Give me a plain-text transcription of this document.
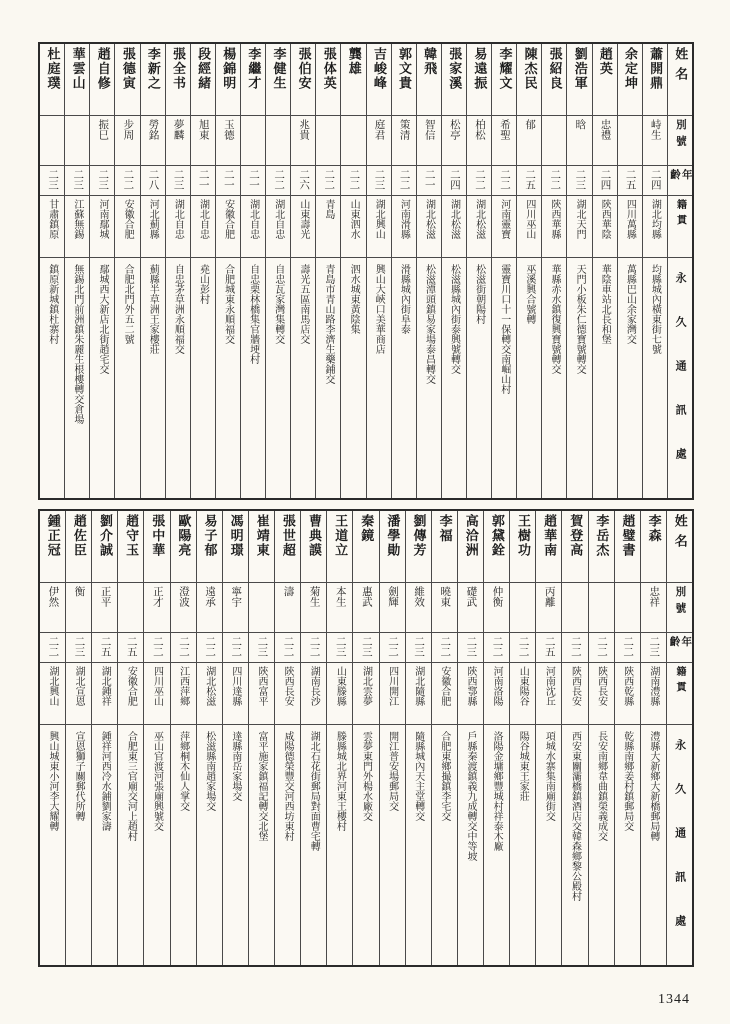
姓名
別號
年齡
籍貫
永久通訊處
蕭開鼎
峙生
二四
湖北均縣
均縣城內橫東街七號
余定坤
二五
四川萬縣
萬縣巴山余家灣交
趙英
忠禮
二四
陝西華陰
華陰車站北長和堡
劉浩軍
晗
二三
湖北天門
天門小板朱仁德寶號轉交
張紹良
二二
陝西華縣
華縣赤水鎮復興寶號轉交
陳杰民
郁
二五
四川巫山
巫溪興合號轉
李耀文
希聖
二二
河南靈寶
靈寶川口十一保轉交南崛山村
易遠振
柏松
二二
湖北松滋
松滋街朝陽村
張家溪
松亭
二四
湖北松滋
松滋縣城內街泰興號轉交
韓飛
智信
二一
湖北松滋
松滋潭頭鎮易家場泰昌轉交
郭文貴
策清
二二
河南滑縣
滑縣城內街阜泰
吉峻峰
庭君
二三
湖北興山
興山大峽口美華商店
龔雄
二二
山東泗水
泗水城東黃陰集
張体英
二二
青島
青島市青山路李濟生藥鋪交
張伯安
兆貴
二六
山東壽光
壽光五區南馬店交
李健生
二二
湖北自忠
自忠瓦家灣集轉交
李繼才
二一
湖北自忠
自忠栗林橋集官牆埂村
楊錦明
玉德
二一
安徽合肥
合肥城東永順福交
段經緒
旭東
二一
湖北自忠
堯山彭村
張全书
夢麟
二三
湖北自忠
自忠茅草洲永順福交
李新之
勞銘
二八
河北薊縣
薊縣半草洲王家樓莊
張德寅
步周
二二
安徽合肥
合肥北門外五二號
趙自修
振巳
二三
河南鄢城
鄢城西大新店北街趙宅交
華雲山
二三
江蘇無錫
無錫北門前洲鎮朱麗生根樓轉交倉場
杜庭璞
二三
甘肅鎮原
鎮原新城鎮杜寨村
姓名
別號
年齡
籍貫
永久通訊處
李森
忠祥
二三
湖南澧縣
澧縣大新鄉大新橋郵局轉
趙璧書
二二
陝西乾縣
乾縣南鄉姜村鎮郵局交
李岳杰
二二
陝西長安
長安南鄉韋曲鎮榮義成交
賀登高
二二
陝西長安
西安東關灞橋鎮酒店交韓森鄉黎公殿村
趙華南
丙離
二五
河南沈丘
項城水寨集南廟街交
王樹功
二二
山東陽谷
陽谷城東王家莊
郭黛銓
仲衡
二二
河南洛陽
洛陽金墉鄉豐城村祥泰木廠
高洽洲
礎武
二三
陝西鄠縣
戶縣秦渡鎮義九成轉交中等坡
李福
曉東
二二
安徽合肥
合肥東鄉撮鎮李宅交
劉傳芳
維效
二三
湖北隨縣
隨縣城內天主堂轉交
潘學勛
劍輝
二二
四川開江
開江普安場郵局交
秦鏡
惠武
二三
湖北雲夢
雲夢東門外楊水廠交
王道立
本生
二三
山東滕縣
滕縣城北界河東王樓村
曹典謨
菊生
二二
湖南長沙
湖北石花街郵局對面曹宅轉
張世超
濤
二二
陝西長安
咸陽德榮豐交河西坊東村
崔靖東
二三
陝西富平
富平施家鎮福記轉交北堡
馮明璟
寧宇
二二
四川達縣
達縣南岳家場交
易子郁
遠承
二二
湖北松滋
松滋縣南趙家場交
歐陽亮
澄波
二二
江西萍鄉
萍鄉桐木仙人掌交
張中華
正才
二二
四川巫山
巫山官渡河張廟興號交
趙守玉
二五
安徽合肥
合肥東三官廟交河上趙村
劉介誠
正平
二五
湖北鍾祥
鍾祥河西冷水鋪劉家濤
趙佐臣
衡
二三
湖北宣恩
宣恩獅子關郵代所轉
鍾正冠
伊然
二二
湖北興山
興山城東小河李大耀轉
1344
